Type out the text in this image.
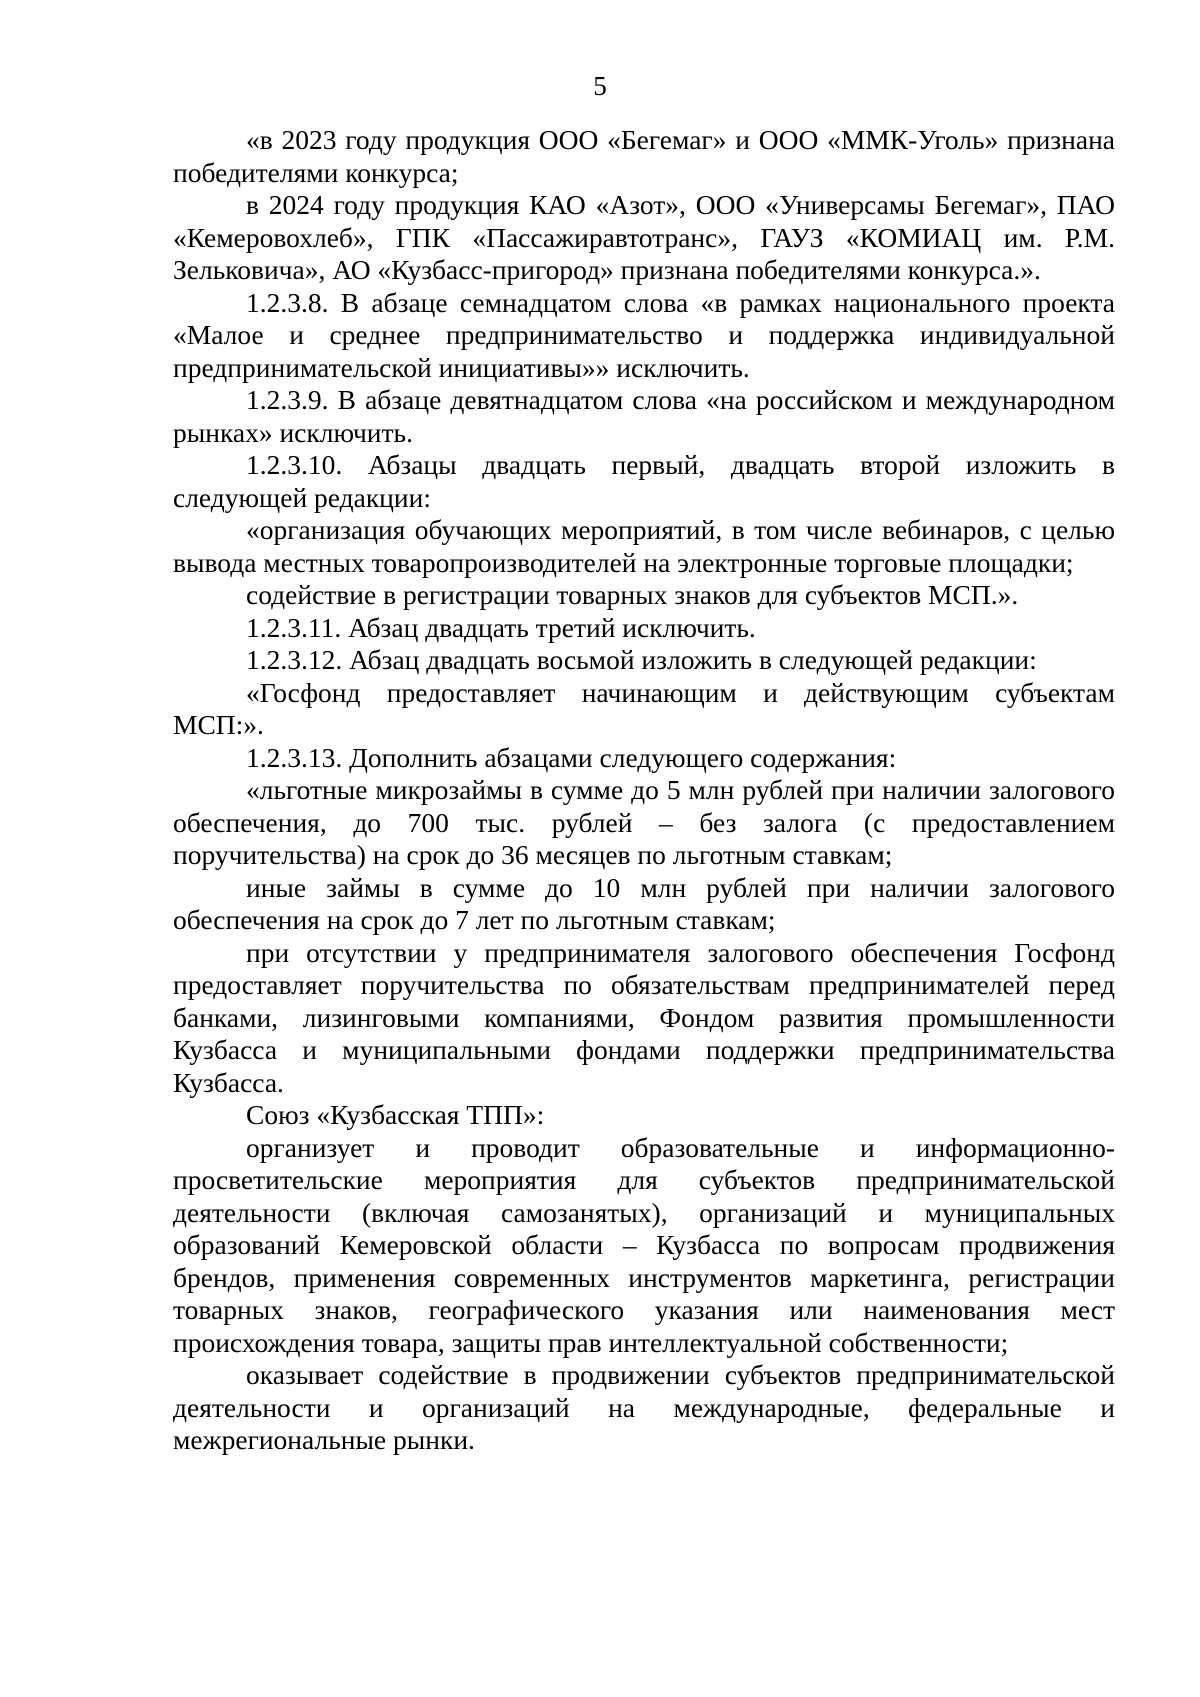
5

«в 2023 году продукция ООО «Бегемаг» и ООО «ММК-Уголь» признана победителями конкурса;

в 2024 году продукция КАО «Азот», ООО «Универсамы Бегемаг», ПАО «Кемеровохлеб», ГПК «Пассажиравтотранс», ГАУЗ «КОМИАЦ им. Р.М. Зельковича», АО «Кузбасс-пригород» признана победителями конкурса.».

1.2.3.8. В абзаце семнадцатом слова «в рамках национального проекта «Малое и среднее предпринимательство и поддержка индивидуальной предпринимательской инициативы»» исключить.

1.2.3.9. В абзаце девятнадцатом слова «на российском и международном рынках» исключить.

1.2.3.10. Абзацы двадцать первый, двадцать второй изложить в следующей редакции:

«организация обучающих мероприятий, в том числе вебинаров, с целью вывода местных товаропроизводителей на электронные торговые площадки;

содействие в регистрации товарных знаков для субъектов МСП.».

1.2.3.11. Абзац двадцать третий исключить.

1.2.3.12. Абзац двадцать восьмой изложить в следующей редакции:

«Госфонд предоставляет начинающим и действующим субъектам МСП:».

1.2.3.13. Дополнить абзацами следующего содержания:

«льготные микрозаймы в сумме до 5 млн рублей при наличии залогового обеспечения, до 700 тыс. рублей – без залога (с предоставлением поручительства) на срок до 36 месяцев по льготным ставкам;

иные займы в сумме до 10 млн рублей при наличии залогового обеспечения на срок до 7 лет по льготным ставкам;

при отсутствии у предпринимателя залогового обеспечения Госфонд предоставляет поручительства по обязательствам предпринимателей перед банками, лизинговыми компаниями, Фондом развития промышленности Кузбасса и муниципальными фондами поддержки предпринимательства Кузбасса.

Союз «Кузбасская ТПП»:

организует и проводит образовательные и информационно-просветительские мероприятия для субъектов предпринимательской деятельности (включая самозанятых), организаций и муниципальных образований Кемеровской области – Кузбасса по вопросам продвижения брендов, применения современных инструментов маркетинга, регистрации товарных знаков, географического указания или наименования мест происхождения товара, защиты прав интеллектуальной собственности;

оказывает содействие в продвижении субъектов предпринимательской деятельности и организаций на международные, федеральные и межрегиональные рынки.
